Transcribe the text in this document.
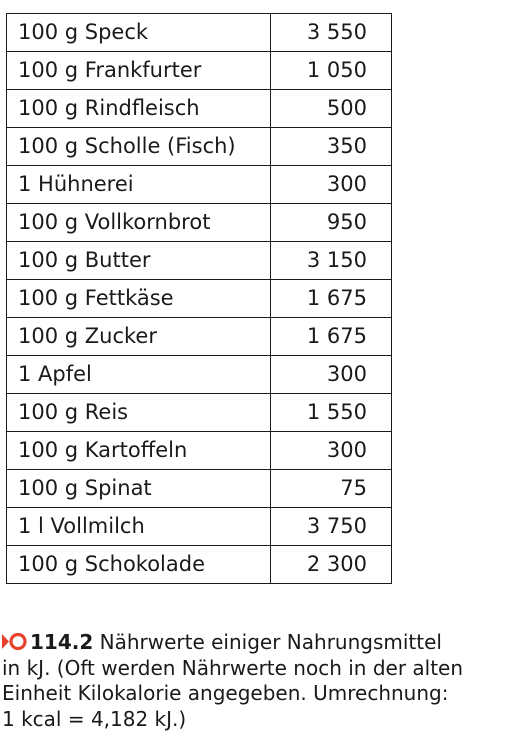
100 g Speck	3 550
100 g Frankfurter	1 050
100 g Rindfleisch	500
100 g Scholle (Fisch)	350
1 Hühnerei	300
100 g Vollkornbrot	950
100 g Butter	3 150
100 g Fettkäse	1 675
100 g Zucker	1 675
1 Apfel	300
100 g Reis	1 550
100 g Kartoffeln	300
100 g Spinat	75
1 l Vollmilch	3 750
100 g Schokolade	2 300
114.2 Nährwerte einiger Nahrungsmittel
in kJ. (Oft werden Nährwerte noch in der alten
Einheit Kilokalorie angegeben. Umrechnung:
1 kcal = 4,182 kJ.)
